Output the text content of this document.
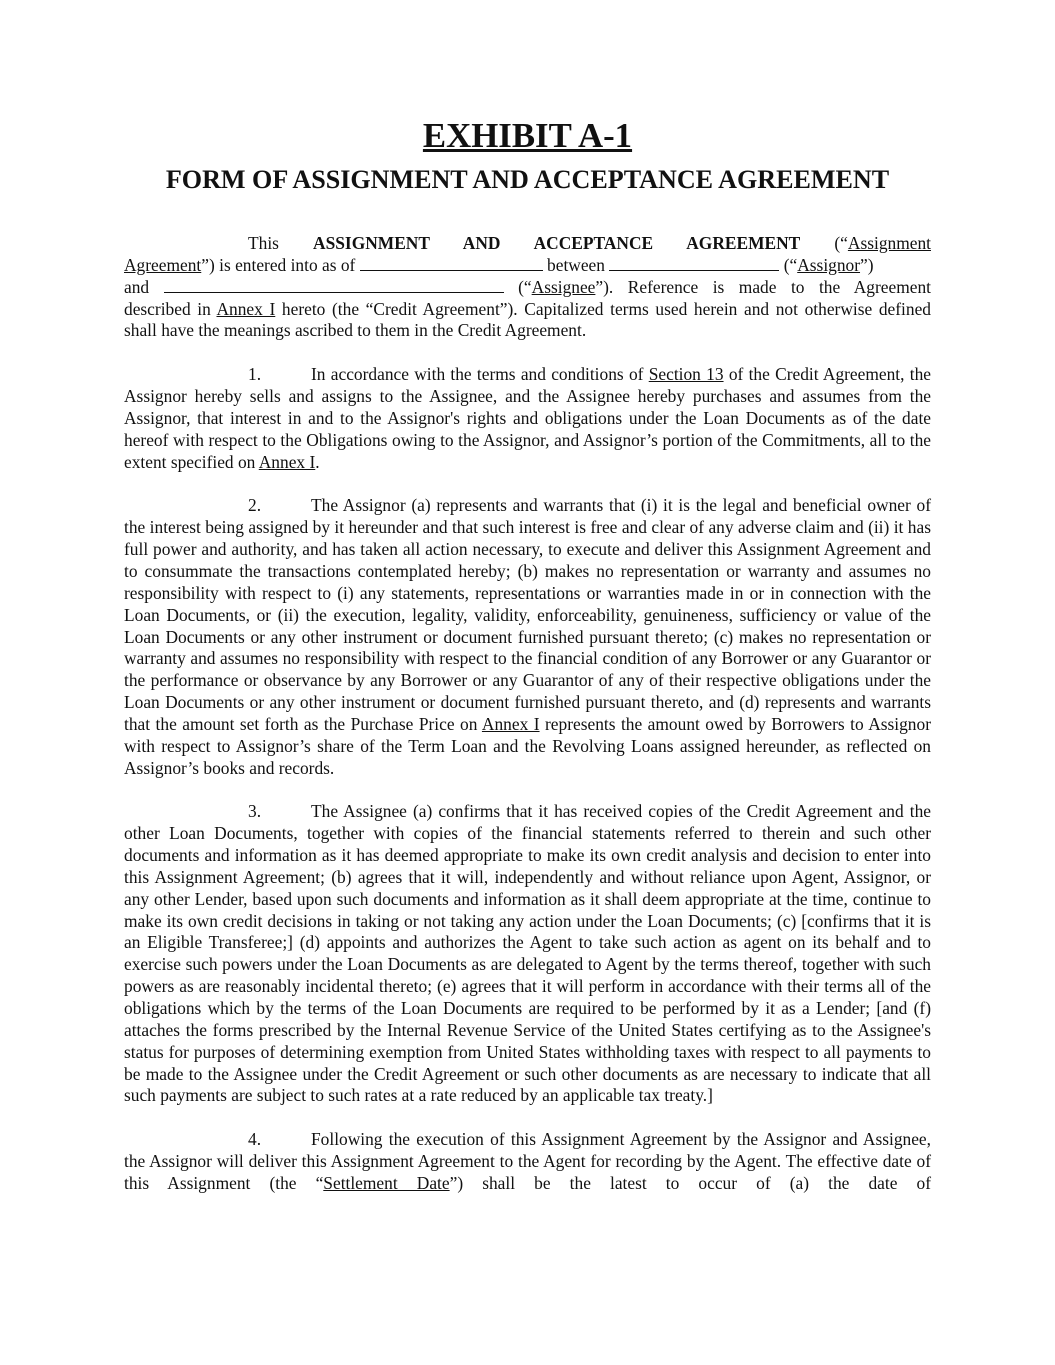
EXHIBIT A-1
FORM OF ASSIGNMENT AND ACCEPTANCE AGREEMENT
This ASSIGNMENT AND ACCEPTANCE AGREEMENT (“Assignment
Agreement”) is entered into as of	between	(“Assignor”)
and	(“Assignee”). Reference is made to the Agreement

described in Annex I hereto (the “Credit Agreement”). Capitalized terms used herein and not otherwise defined shall have the meanings ascribed to them in the Credit Agreement.

1.	In accordance with the terms and conditions of Section 13 of the Credit Agreement, the Assignor hereby sells and assigns to the Assignee, and the Assignee hereby purchases and assumes from the Assignor, that interest in and to the Assignor's rights and obligations under the Loan Documents as of the date hereof with respect to the Obligations owing to the Assignor, and Assignor’s portion of the Commitments, all to the extent specified on Annex I.

2.	The Assignor (a) represents and warrants that (i) it is the legal and beneficial owner of the interest being assigned by it hereunder and that such interest is free and clear of any adverse claim and (ii) it has full power and authority, and has taken all action necessary, to execute and deliver this Assignment Agreement and to consummate the transactions contemplated hereby; (b) makes no representation or warranty and assumes no responsibility with respect to (i) any statements, representations or warranties made in or in connection with the Loan Documents, or (ii) the execution, legality, validity, enforceability, genuineness, sufficiency or value of the Loan Documents or any other instrument or document furnished pursuant thereto; (c) makes no representation or warranty and assumes no responsibility with respect to the financial condition of any Borrower or any Guarantor or the performance or observance by any Borrower or any Guarantor of any of their respective obligations under the Loan Documents or any other instrument or document furnished pursuant thereto, and (d) represents and warrants that the amount set forth as the Purchase Price on Annex I represents the amount owed by Borrowers to Assignor with respect to Assignor’s share of the Term Loan and the Revolving Loans assigned hereunder, as reflected on Assignor’s books and records.

3.	The Assignee (a) confirms that it has received copies of the Credit Agreement and the other Loan Documents, together with copies of the financial statements referred to therein and such other documents and information as it has deemed appropriate to make its own credit analysis and decision to enter into this Assignment Agreement; (b) agrees that it will, independently and without reliance upon Agent, Assignor, or any other Lender, based upon such documents and information as it shall deem appropriate at the time, continue to make its own credit decisions in taking or not taking any action under the Loan Documents; (c) [confirms that it is an Eligible Transferee;] (d) appoints and authorizes the Agent to take such action as agent on its behalf and to exercise such powers under the Loan Documents as are delegated to Agent by the terms thereof, together with such powers as are reasonably incidental thereto; (e) agrees that it will perform in accordance with their terms all of the obligations which by the terms of the Loan Documents are required to be performed by it as a Lender; [and (f) attaches the forms prescribed by the Internal Revenue Service of the United States certifying as to the Assignee's status for purposes of determining exemption from United States withholding taxes with respect to all payments to be made to the Assignee under the Credit Agreement or such other documents as are necessary to indicate that all such payments are subject to such rates at a rate reduced by an applicable tax treaty.]

4.	Following the execution of this Assignment Agreement by the Assignor and Assignee, the Assignor will deliver this Assignment Agreement to the Agent for recording by the Agent. The effective date of this Assignment (the “Settlement Date”) shall be the latest to occur of (a) the date of
